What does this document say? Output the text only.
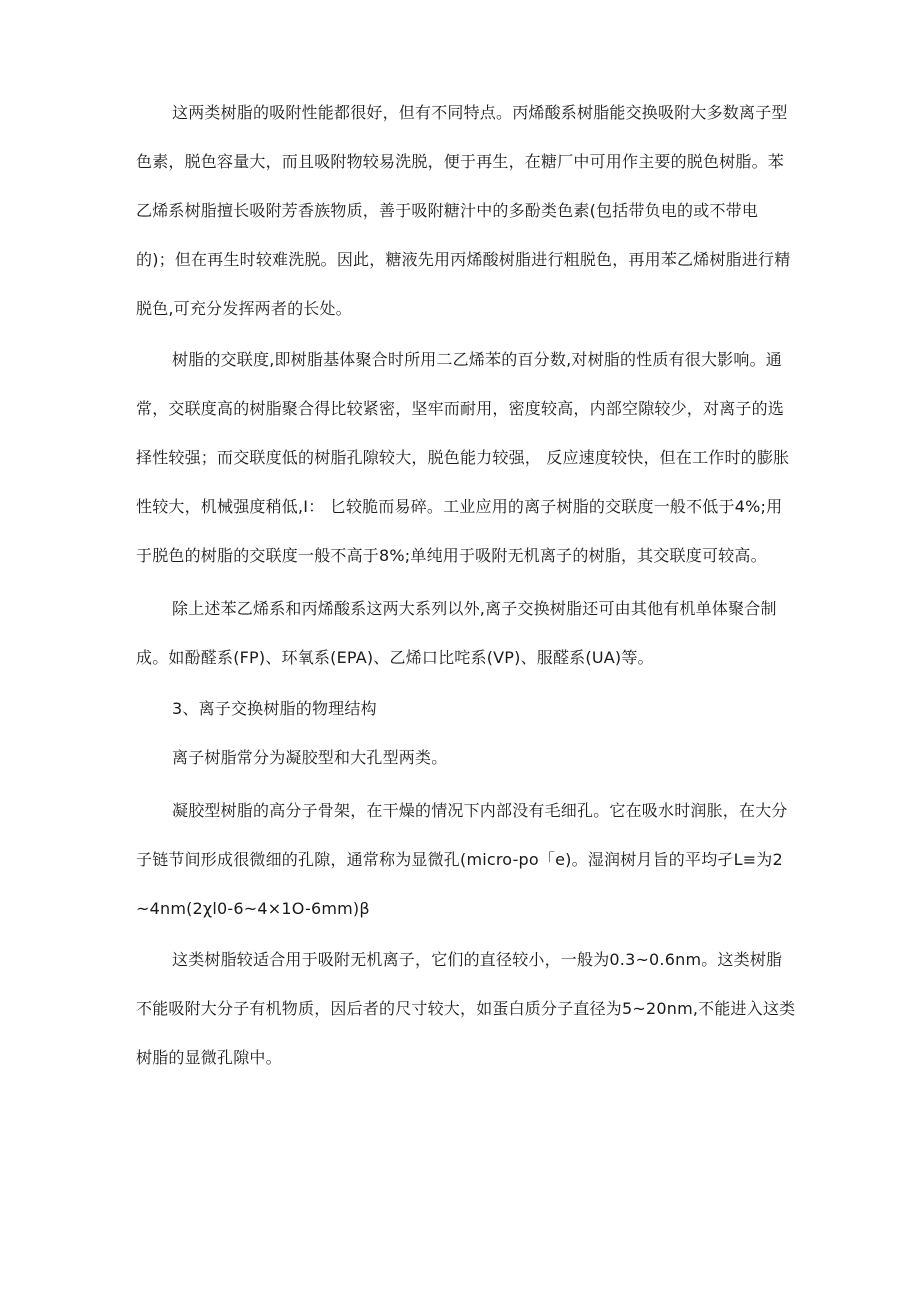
这两类树脂的吸附性能都很好，但有不同特点。丙烯酸系树脂能交换吸附大多数离子型色素，脱色容量大，而且吸附物较易洗脱，便于再生，在糖厂中可用作主要的脱色树脂。苯乙烯系树脂擅长吸附芳香族物质，善于吸附糖汁中的多酚类色素(包括带负电的或不带电的)；但在再生时较难洗脱。因此，糖液先用丙烯酸树脂进行粗脱色，再用苯乙烯树脂进行精脱色,可充分发挥两者的长处。

树脂的交联度,即树脂基体聚合时所用二乙烯苯的百分数,对树脂的性质有很大影响。通常，交联度高的树脂聚合得比较紧密，坚牢而耐用，密度较高，内部空隙较少，对离子的选择性较强；而交联度低的树脂孔隙较大，脱色能力较强， 反应速度较快，但在工作时的膨胀性较大，机械强度稍低,I： 匕较脆而易碎。工业应用的离子树脂的交联度一般不低于4%;用于脱色的树脂的交联度一般不高于8%;单纯用于吸附无机离子的树脂，其交联度可较高。

除上述苯乙烯系和丙烯酸系这两大系列以外,离子交换树脂还可由其他有机单体聚合制成。如酚醛系(FP)、环氧系(EPA)、乙烯口比咤系(VP)、服醛系(UA)等。

3、离子交换树脂的物理结构

离子树脂常分为凝胶型和大孔型两类。

凝胶型树脂的高分子骨架，在干燥的情况下内部没有毛细孔。它在吸水时润胀，在大分子链节间形成很微细的孔隙，通常称为显微孔(micro-po「e)。湿润树月旨的平均孑L≡为2~4nm(2χl0-6~4×1O-6mm)β

这类树脂较适合用于吸附无机离子，它们的直径较小，一般为0.3~0.6nm。这类树脂不能吸附大分子有机物质，因后者的尺寸较大，如蛋白质分子直径为5~20nm,不能进入这类树脂的显微孔隙中。
